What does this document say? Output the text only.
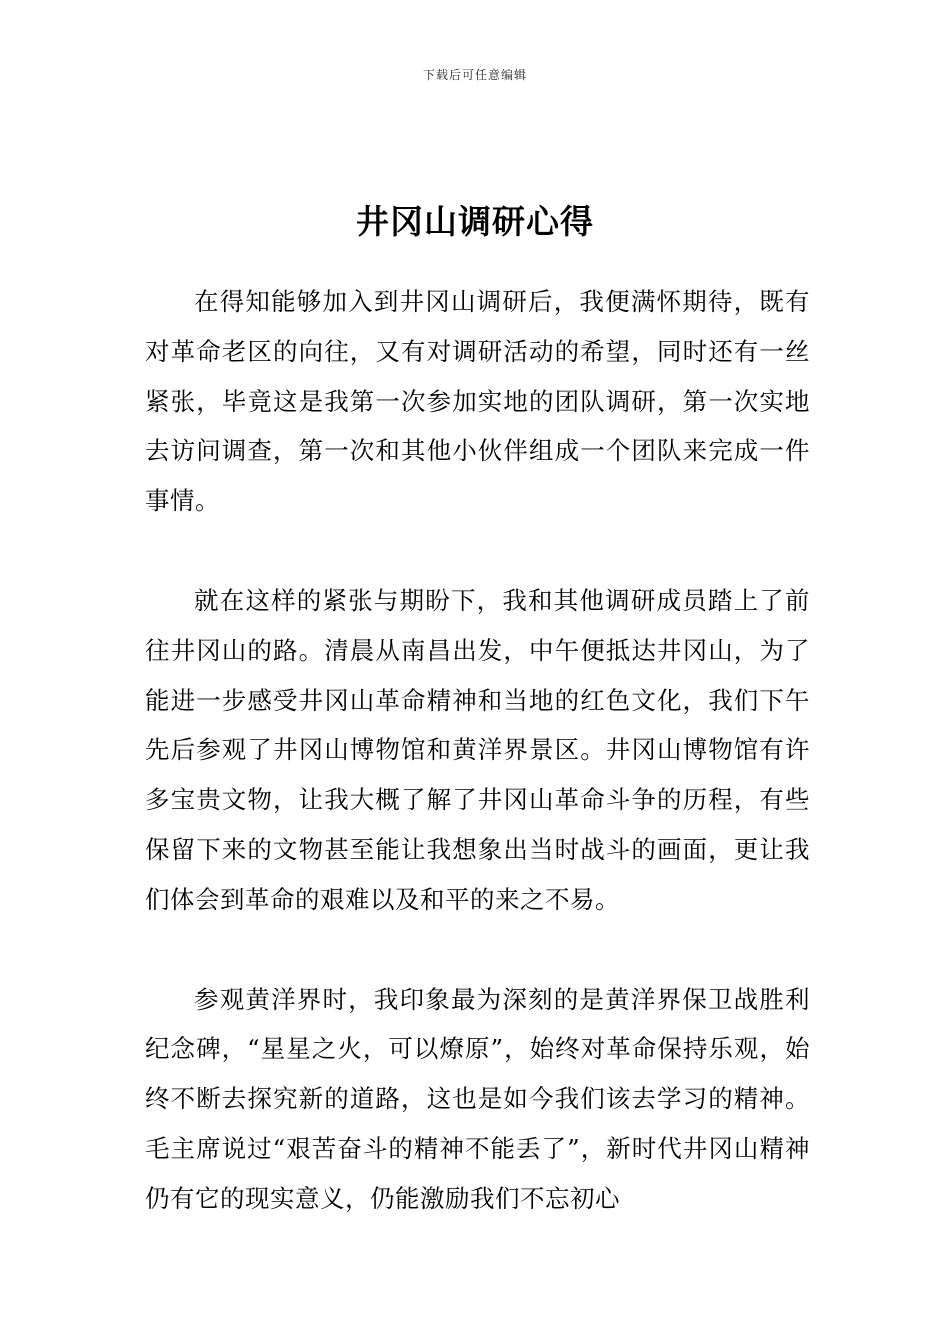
下载后可任意编辑
井冈山调研心得

在得知能够加入到井冈山调研后，我便满怀期待，既有对革命老区的向往，又有对调研活动的希望，同时还有一丝紧张，毕竟这是我第一次参加实地的团队调研，第一次实地去访问调查，第一次和其他小伙伴组成一个团队来完成一件事情。

就在这样的紧张与期盼下，我和其他调研成员踏上了前往井冈山的路。清晨从南昌出发，中午便抵达井冈山，为了能进一步感受井冈山革命精神和当地的红色文化，我们下午先后参观了井冈山博物馆和黄洋界景区。井冈山博物馆有许多宝贵文物，让我大概了解了井冈山革命斗争的历程，有些保留下来的文物甚至能让我想象出当时战斗的画面，更让我们体会到革命的艰难以及和平的来之不易。

参观黄洋界时，我印象最为深刻的是黄洋界保卫战胜利纪念碑，“星星之火，可以燎原”，始终对革命保持乐观，始终不断去探究新的道路，这也是如今我们该去学习的精神。毛主席说过“艰苦奋斗的精神不能丢了”，新时代井冈山精神仍有它的现实意义，仍能激励我们不忘初心
